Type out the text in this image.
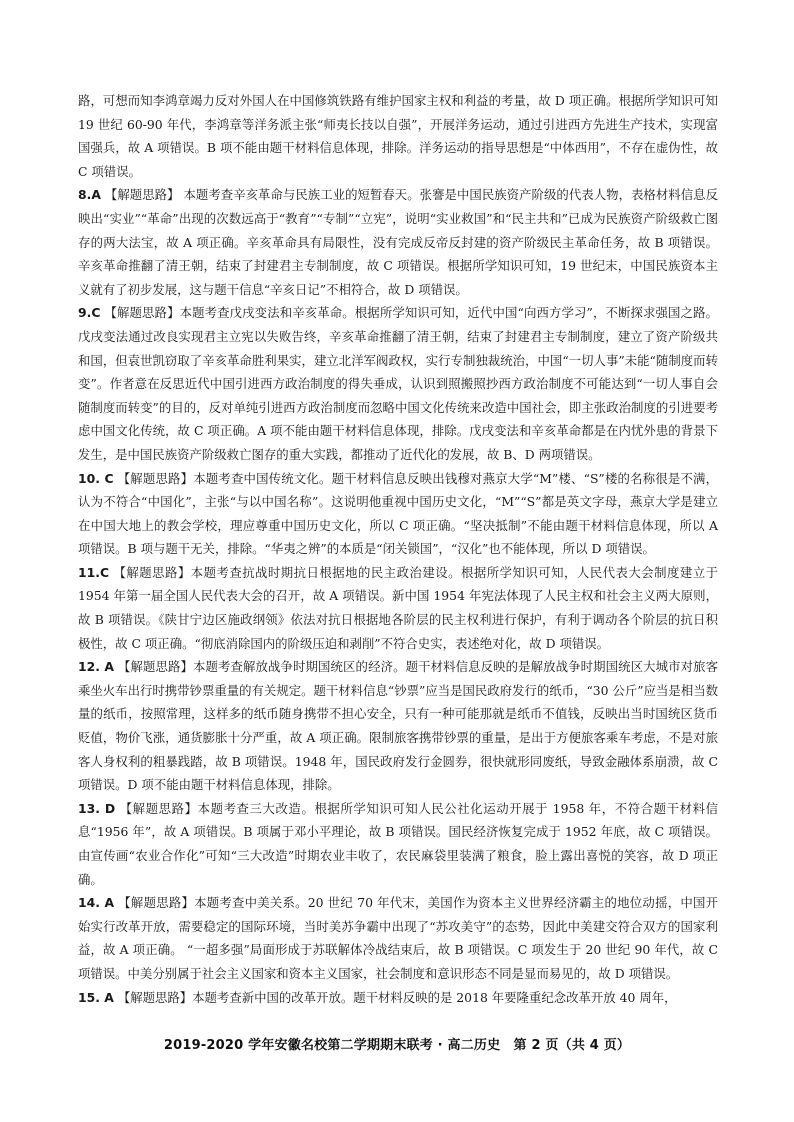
路，可想而知李鸿章竭力反对外国人在中国修筑铁路有维护国家主权和利益的考量，故 D 项正确。根据所学知识可知 19 世纪 60-90 年代，李鸿章等洋务派主张“师夷长技以自强”，开展洋务运动，通过引进西方先进生产技术，实现富国强兵，故 A 项错误。B 项不能由题干材料信息体现，排除。洋务运动的指导思想是“中体西用”，不存在虚伪性，故 C 项错误。

8.A 【解题思路】 本题考查辛亥革命与民族工业的短暂春天。张謇是中国民族资产阶级的代表人物，表格材料信息反映出“实业”“革命”出现的次数远高于“教育”“专制”“立宪”，说明“实业救国”和“民主共和”已成为民族资产阶级救亡图存的两大法宝，故 A 项正确。辛亥革命具有局限性，没有完成反帝反封建的资产阶级民主革命任务，故 B 项错误。辛亥革命推翻了清王朝，结束了封建君主专制制度，故 C 项错误。根据所学知识可知，19 世纪末，中国民族资本主义就有了初步发展，这与题干信息“辛亥日记”不相符合，故 D 项错误。

9.C 【解题思路】本题考查戊戌变法和辛亥革命。根据所学知识可知，近代中国“向西方学习”，不断探求强国之路。戊戌变法通过改良实现君主立宪以失败告终，辛亥革命推翻了清王朝，结束了封建君主专制制度，建立了资产阶级共和国，但袁世凯窃取了辛亥革命胜利果实，建立北洋军阀政权，实行专制独裁统治，中国“一切人事”未能“随制度而转变”。作者意在反思近代中国引进西方政治制度的得失垂成，认识到照搬照抄西方政治制度不可能达到“一切人事自会随制度而转变”的目的，反对单纯引进西方政治制度而忽略中国文化传统来改造中国社会，即主张政治制度的引进要考虑中国文化传统，故 C 项正确。A 项不能由题干材料信息体现，排除。戊戌变法和辛亥革命都是在内忧外患的背景下发生，是中国民族资产阶级救亡图存的重大实践，都推动了近代化的发展，故 B、D 两项错误。

10. C 【解题思路】本题考查中国传统文化。题干材料信息反映出钱穆对燕京大学“M”楼、“S”楼的名称很是不满，认为不符合“中国化”，主张“与以中国名称”。这说明他重视中国历史文化，“M”“S”都是英文字母，燕京大学是建立在中国大地上的教会学校，理应尊重中国历史文化，所以 C 项正确。“坚决抵制”不能由题干材料信息体现，所以 A 项错误。B 项与题干无关，排除。“华夷之辨”的本质是“闭关锁国”，“汉化”也不能体现，所以 D 项错误。

11.C 【解题思路】本题考查抗战时期抗日根据地的民主政治建设。根据所学知识可知，人民代表大会制度建立于 1954 年第一届全国人民代表大会的召开，故 A 项错误。新中国 1954 年宪法体现了人民主权和社会主义两大原则，故 B 项错误。《陕甘宁边区施政纲领》依法对抗日根据地各阶层的民主权利进行保护，有利于调动各个阶层的抗日积极性，故 C 项正确。“彻底消除国内的阶级压迫和剥削”不符合史实，表述绝对化，故 D 项错误。

12. A 【解题思路】本题考查解放战争时期国统区的经济。题干材料信息反映的是解放战争时期国统区大城市对旅客乘坐火车出行时携带钞票重量的有关规定。题干材料信息“钞票”应当是国民政府发行的纸币，“30 公斤”应当是相当数量的纸币，按照常理，这样多的纸币随身携带不担心安全，只有一种可能那就是纸币不值钱，反映出当时国统区货币贬值，物价飞涨，通货膨胀十分严重，故 A 项正确。限制旅客携带钞票的重量，是出于方便旅客乘车考虑，不是对旅客人身权利的粗暴践踏，故 B 项错误。1948 年，国民政府发行金圆券，很快就形同废纸，导致金融体系崩溃，故 C 项错误。D 项不能由题干材料信息体现，排除。

13. D 【解题思路】本题考查三大改造。根据所学知识可知人民公社化运动开展于 1958 年，不符合题干材料信息“1956 年”，故 A 项错误。B 项属于邓小平理论，故 B 项错误。国民经济恢复完成于 1952 年底，故 C 项错误。由宣传画“农业合作化”可知“三大改造”时期农业丰收了，农民麻袋里装满了粮食，脸上露出喜悦的笑容，故 D 项正确。

14. A 【解题思路】本题考查中美关系。20 世纪 70 年代末，美国作为资本主义世界经济霸主的地位动摇，中国开始实行改革开放，需要稳定的国际环境，当时美苏争霸中出现了“苏攻美守”的态势，因此中美建交符合双方的国家利益，故 A 项正确。 “一超多强”局面形成于苏联解体冷战结束后，故 B 项错误。C 项发生于 20 世纪 90 年代，故 C 项错误。中美分别属于社会主义国家和资本主义国家，社会制度和意识形态不同是显而易见的，故 D 项错误。

15. A 【解题思路】本题考查新中国的改革开放。题干材料反映的是 2018 年要隆重纪念改革开放 40 周年，

2019-2020 学年安徽名校第二学期期末联考 · 高二历史　第 2 页（共 4 页）
